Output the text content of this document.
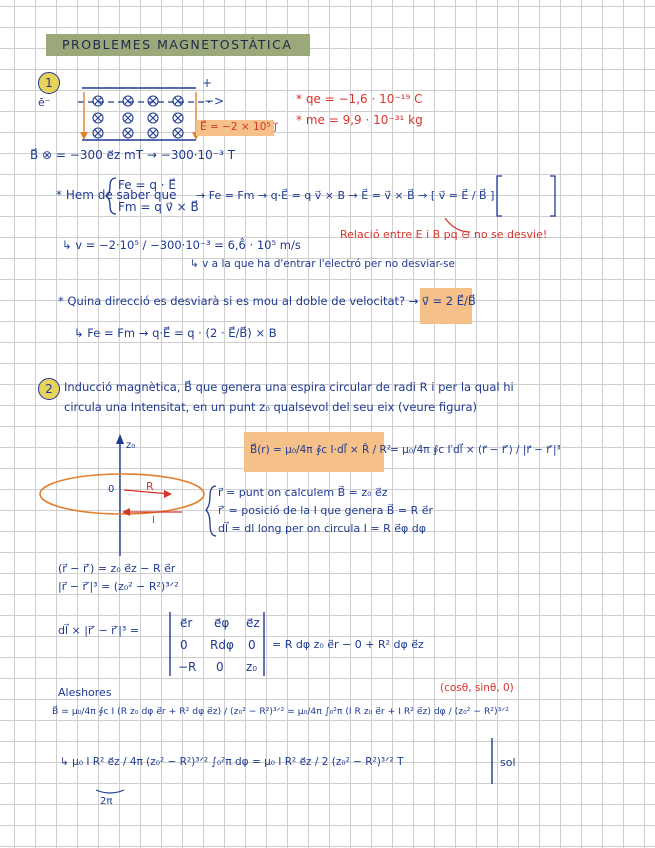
PROBLEMES MAGNETOSTÀTICA
1
ē⁻
+
−>	* qe = −1,6 · 10⁻¹⁹ C
* me = 9,9 · 10⁻³¹ kg
E⃗ = −2 × 10⁵ j⃗
B⃗ ⊗ = −300 e⃗z mT → −300·10⁻³ T
* Hem de saber que
Fe = q · E⃗
Fm = q v⃗ × B⃗
→ Fe = Fm → q·E⃗ = q v⃗ × B → E⃗ = v⃗ × B⃗ → [ v⃗ = E⃗ / B⃗ ]
Relació entre E i B pq ⊖ no se desvie!
↳ v = −2·10⁵ / −300·10⁻³ = 6,6̂ · 10⁵ m/s
↳ v a la que ha d'entrar l'electró per no desviar-se
* Quina direcció es desviarà si es mou al doble de velocitat? → v⃗ = 2 E⃗/B⃗
↳ Fe = Fm → q·E⃗ = q · (2 · E⃗/B⃗) × B
2 Inducció magnètica, B⃗ que genera una espira circular de radi R i per la qual hi
circula una Intensitat, en un punt z₀ qualsevol del seu eix (veure figura)
z₀
0	R
I
B⃗(r) = μ₀/4π ∮c I·dl⃗ × R̂ / R²
= μ₀/4π ∮c I′dl⃗ × (r⃗ − r⃗′) / |r⃗ − r⃗′|³
r⃗ = punt on calculem B⃗ = z₀ e⃗z
r⃗′ = posició de la I que genera B⃗ = R e⃗r
dl⃗ = dl long per on circula I = R e⃗φ dφ
(r⃗ − r⃗′) = z₀ e⃗z − R e⃗r
|r⃗ − r⃗′|³ = (z₀² − R²)³ᐟ²
dl⃗ × |r⃗′ − r⃗′|³ =
e⃗r e⃗φ e⃗z
0 Rdφ 0
−R 0 z₀
= R dφ z₀ e⃗r − 0 + R² dφ e⃗z
Aleshores	(cosθ, sinθ, 0)
B⃗ = μ₀/4π ∮c I (R z₀ dφ e⃗r + R² dφ e⃗z) / (z₀² − R²)³ᐟ² = μ₀/4π ∫₀²π (I R z₀ e⃗r + I R² e⃗z) dφ / (z₀² − R²)³ᐟ²
↳ μ₀ I R² e⃗z / 4π (z₀² − R²)³ᐟ² ∫₀²π dφ = μ₀ I R² e⃗z / 2 (z₀² − R²)³ᐟ² T	sol
2π
